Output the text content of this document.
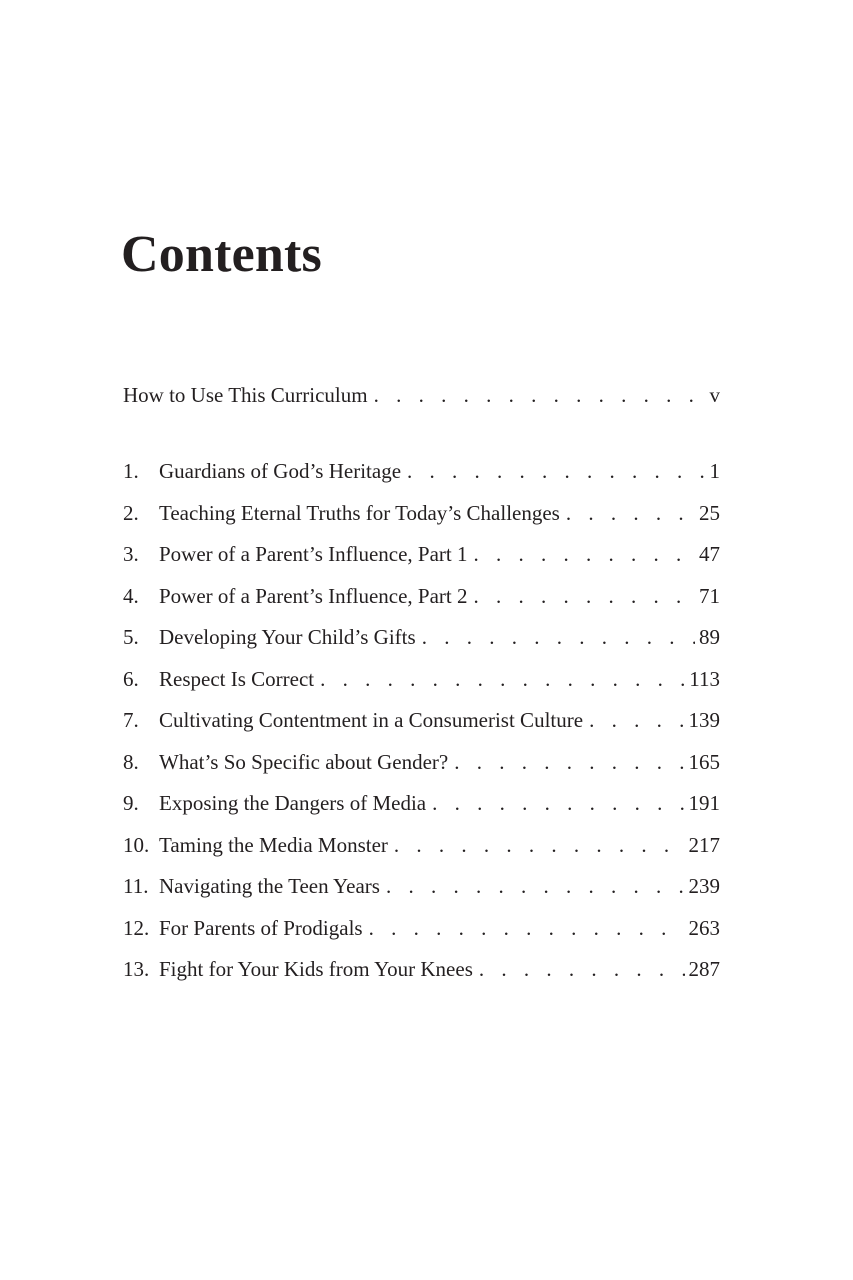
Contents
How to Use This Curriculum . . .	v
1. Guardians of God’s Heritage . . .	1
2. Teaching Eternal Truths for Today’s Challenges . . .	25
3. Power of a Parent’s Influence, Part 1 . . .	47
4. Power of a Parent’s Influence, Part 2 . . .	71
5. Developing Your Child’s Gifts . . .	89
6. Respect Is Correct . . .	113
7. Cultivating Contentment in a Consumerist Culture . . .	139
8. What’s So Specific about Gender? . . .	165
9. Exposing the Dangers of Media . . .	191
10. Taming the Media Monster . . .	217
11. Navigating the Teen Years . . .	239
12. For Parents of Prodigals . . .	263
13. Fight for Your Kids from Your Knees . . .	287
